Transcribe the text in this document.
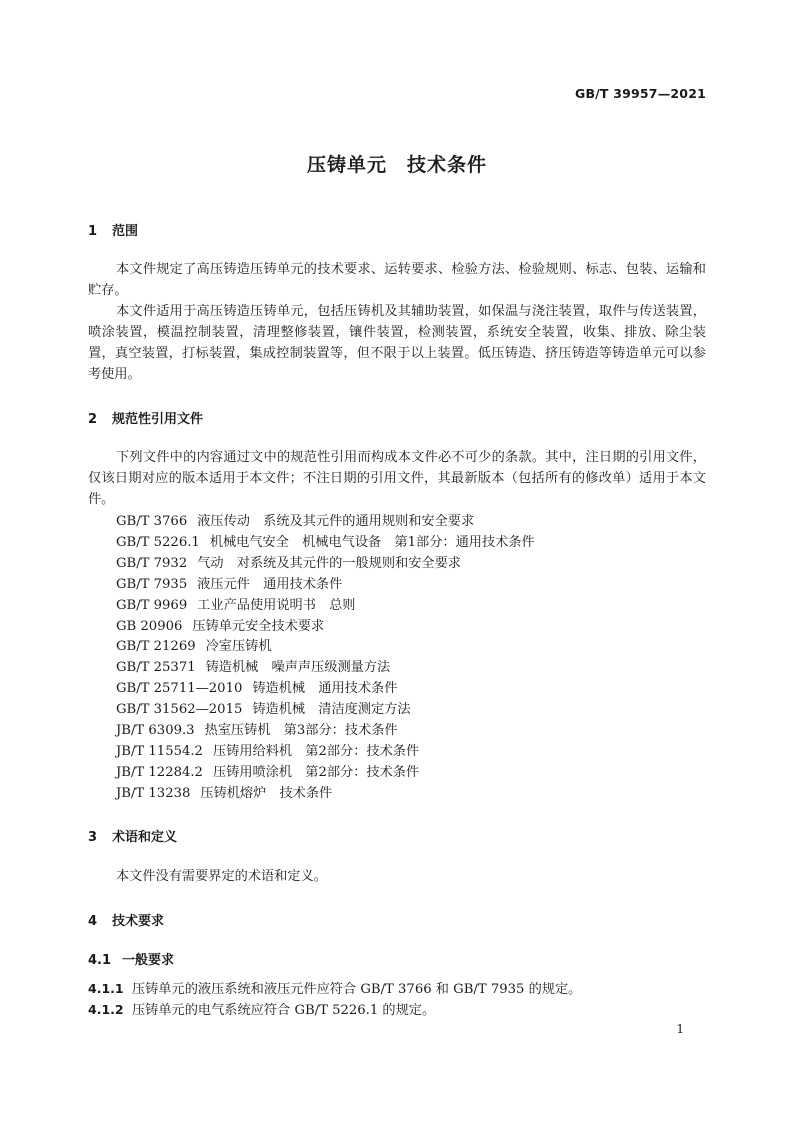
GB/T 39957—2021
压铸单元　技术条件
1 范围
本文件规定了高压铸造压铸单元的技术要求、运转要求、检验方法、检验规则、标志、包装、运输和贮存。
本文件适用于高压铸造压铸单元，包括压铸机及其辅助装置，如保温与浇注装置，取件与传送装置，喷涂装置，模温控制装置，清理整修装置，镶件装置，检测装置，系统安全装置，收集、排放、除尘装置，真空装置，打标装置，集成控制装置等，但不限于以上装置。低压铸造、挤压铸造等铸造单元可以参考使用。
2 规范性引用文件
下列文件中的内容通过文中的规范性引用而构成本文件必不可少的条款。其中，注日期的引用文件，仅该日期对应的版本适用于本文件；不注日期的引用文件，其最新版本（包括所有的修改单）适用于本文件。
GB/T 3766 液压传动　系统及其元件的通用规则和安全要求
GB/T 5226.1 机械电气安全　机械电气设备　第1部分：通用技术条件
GB/T 7932 气动　对系统及其元件的一般规则和安全要求
GB/T 7935 液压元件　通用技术条件
GB/T 9969 工业产品使用说明书　总则
GB 20906 压铸单元安全技术要求
GB/T 21269 冷室压铸机
GB/T 25371 铸造机械　噪声声压级测量方法
GB/T 25711—2010 铸造机械　通用技术条件
GB/T 31562—2015 铸造机械　清洁度测定方法
JB/T 6309.3 热室压铸机　第3部分：技术条件
JB/T 11554.2 压铸用给料机　第2部分：技术条件
JB/T 12284.2 压铸用喷涂机　第2部分：技术条件
JB/T 13238 压铸机熔炉　技术条件
3 术语和定义
本文件没有需要界定的术语和定义。
4 技术要求
4.1 一般要求
4.1.1 压铸单元的液压系统和液压元件应符合 GB/T 3766 和 GB/T 7935 的规定。
4.1.2 压铸单元的电气系统应符合 GB/T 5226.1 的规定。
1
